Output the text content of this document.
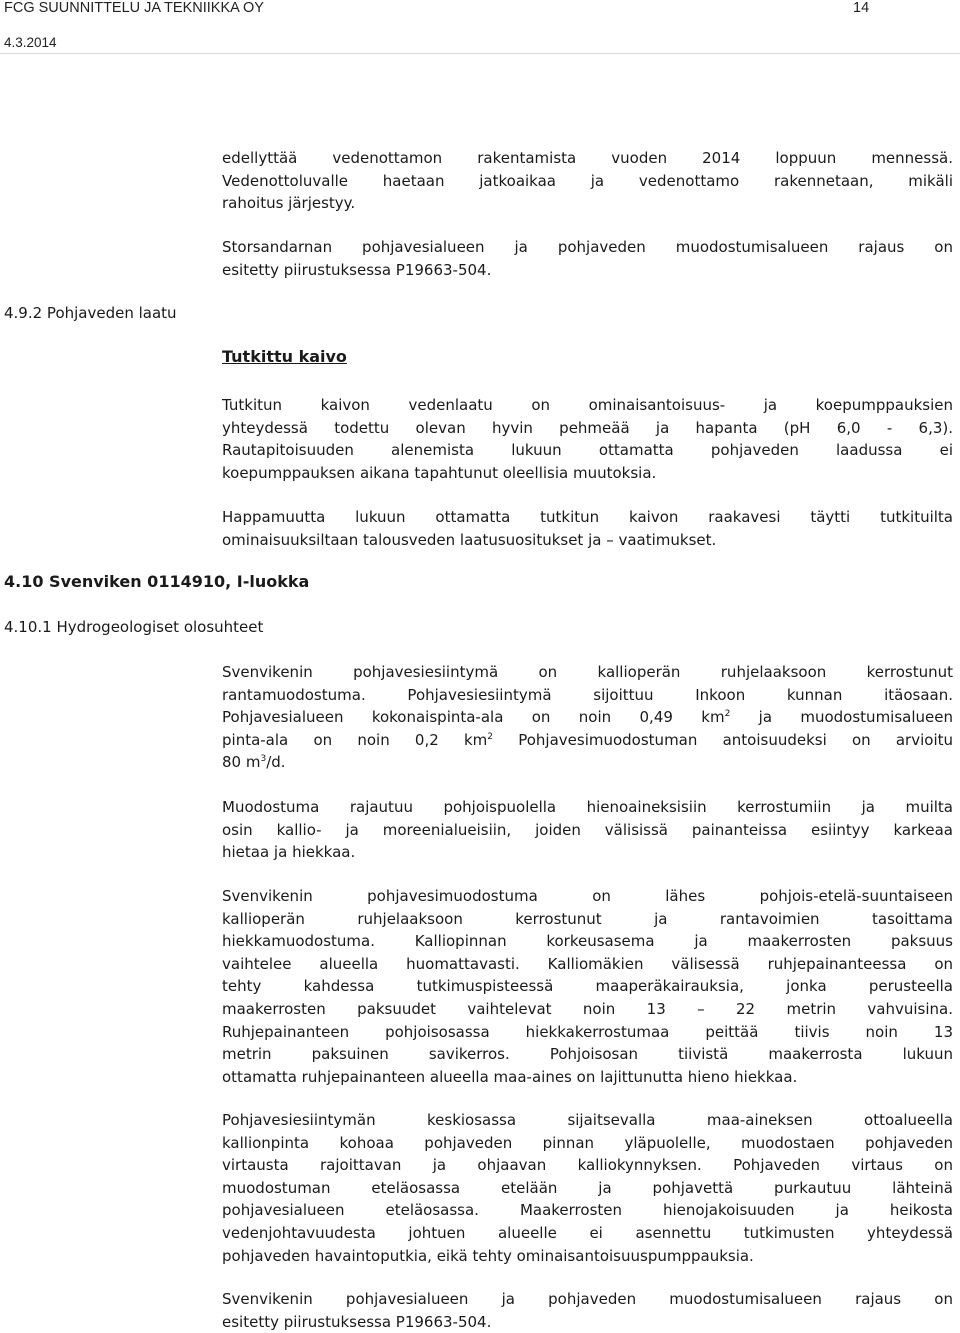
FCG SUUNNITTELU JA TEKNIIKKA OY	14
4.3.2014
4.9.2 Pohjaveden laatu
4.10 Svenviken 0114910, I-luokka
4.10.1 Hydrogeologiset olosuhteet
edellyttää vedenottamon rakentamista vuoden 2014 loppuun mennessä.
Vedenottoluvalle haetaan jatkoaikaa ja vedenottamo rakennetaan, mikäli
rahoitus järjestyy.
Storsandarnan pohjavesialueen ja pohjaveden muodostumisalueen rajaus on
esitetty piirustuksessa P19663-504.
Tutkittu kaivo
Tutkitun kaivon vedenlaatu on ominaisantoisuus- ja koepumppauksien
yhteydessä todettu olevan hyvin pehmeää ja hapanta (pH 6,0 - 6,3).
Rautapitoisuuden alenemista lukuun ottamatta pohjaveden laadussa ei
koepumppauksen aikana tapahtunut oleellisia muutoksia.
Happamuutta lukuun ottamatta tutkitun kaivon raakavesi täytti tutkituilta
ominaisuuksiltaan talousveden laatusuositukset ja – vaatimukset.
Svenvikenin pohjavesiesiintymä on kallioperän ruhjelaaksoon kerrostunut
rantamuodostuma. Pohjavesiesiintymä sijoittuu Inkoon kunnan itäosaan.
Pohjavesialueen kokonaispintа-ala on noin 0,49 $km^2$ ja muodostumisalueen
pinta-ala on noin 0,2 $km^2$ Pohjavesimuodostuman antoisuudeksi on arvioitu
80 $m^3/d$.
Muodostuma rajautuu pohjoispuolella hienoaineksisiin kerrostumiin ja muilta
osin kallio- ja moreenialueisiin, joiden välisissä painanteissa esiintyy karkeaa
hietaa ja hiekkaa.
Svenvikenin pohjavesimuodostuma on lähes pohjois-etelä-suuntaiseen
kallioperän ruhjelaaksoon kerrostunut ja rantavoimien tasoittama
hiekkamuodostuma. Kalliopinnan korkeusasema ja maakerrosten paksuus
vaihtelee alueella huomattavasti. Kalliomäkien välisessä ruhjepainanteessa on
tehty kahdessa tutkimuspisteessä maaperäkairauksia, jonka perusteella
maakerrosten paksuudet vaihtelevat noin 13 – 22 metrin vahvuisina.
Ruhjepainanteen pohjoisosassa hiekkakerrostumaa peittää tiivis noin 13
metrin paksuinen savikerros. Pohjoisosan tiivistä maakerrosta lukuun
ottamatta ruhjepainanteen alueella maa-aines on lajittunutta hieno hiekkaa.
Pohjavesiesiintymän keskiosassa sijaitsevalla maa-aineksen ottoalueella
kallionpinta kohoaa pohjaveden pinnan yläpuolelle, muodostaen pohjaveden
virtausta rajoittavan ja ohjaavan kalliokynnyksen. Pohjaveden virtaus on
muodostuman eteläosassa etelään ja pohjavettä purkautuu lähteinä
pohjavesialueen eteläosassa. Maakerrosten hienojakoisuuden ja heikosta
vedenjohtavuudesta johtuen alueelle ei asennettu tutkimusten yhteydessä
pohjaveden havaintoputkia, eikä tehty ominaisantoisuuspumppauksia.
Svenvikenin pohjavesialueen ja pohjaveden muodostumisalueen rajaus on
esitetty piirustuksessa P19663-504.
